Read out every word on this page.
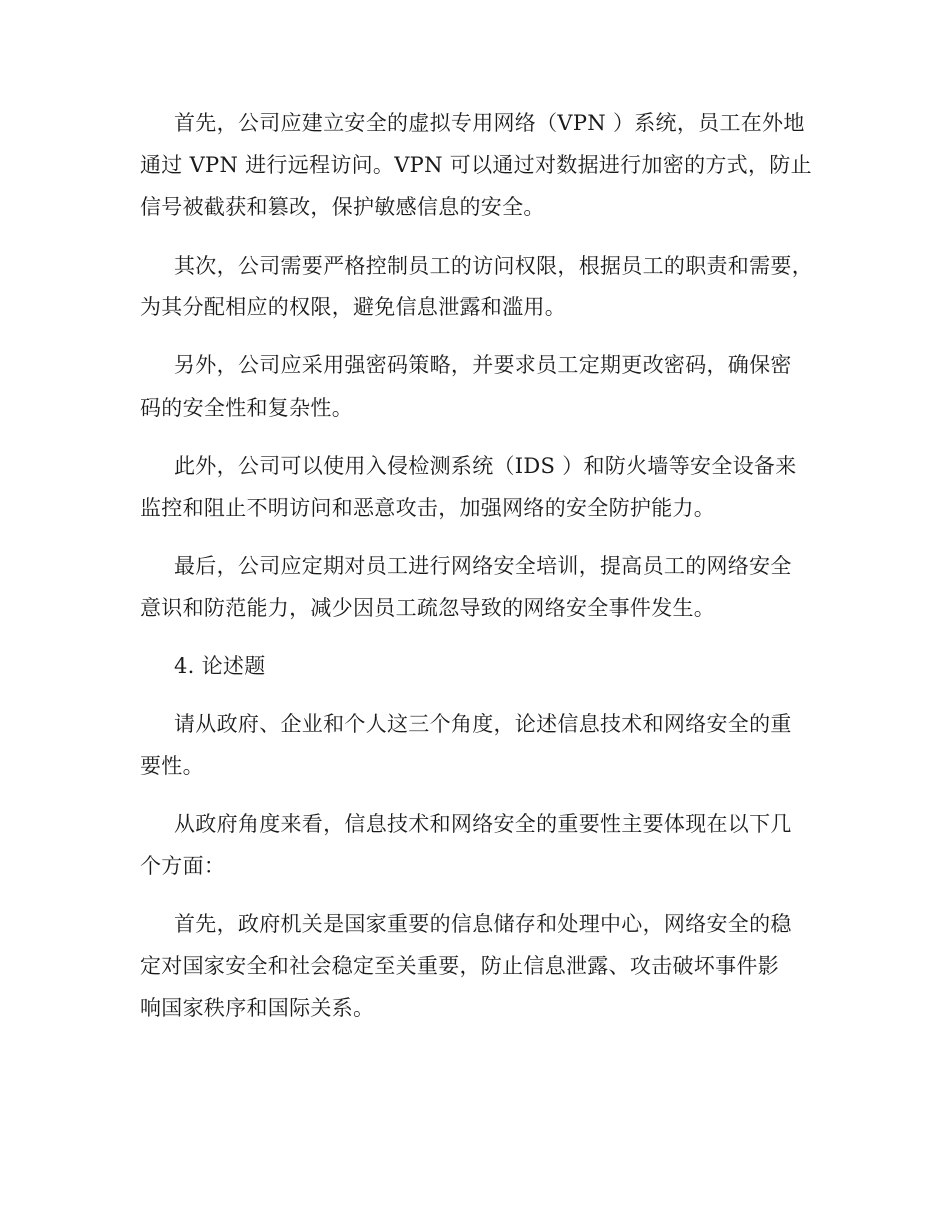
首先，公司应建立安全的虚拟专用网络（VPN ）系统，员工在外地
通过 VPN 进行远程访问。VPN 可以通过对数据进行加密的方式，防止
信号被截获和篡改，保护敏感信息的安全。
其次，公司需要严格控制员工的访问权限，根据员工的职责和需要，
为其分配相应的权限，避免信息泄露和滥用。
另外，公司应采用强密码策略，并要求员工定期更改密码，确保密
码的安全性和复杂性。
此外，公司可以使用入侵检测系统（IDS ）和防火墙等安全设备来
监控和阻止不明访问和恶意攻击，加强网络的安全防护能力。
最后，公司应定期对员工进行网络安全培训，提高员工的网络安全
意识和防范能力，减少因员工疏忽导致的网络安全事件发生。
4. 论述题
请从政府、企业和个人这三个角度，论述信息技术和网络安全的重
要性。
从政府角度来看，信息技术和网络安全的重要性主要体现在以下几
个方面：
首先，政府机关是国家重要的信息储存和处理中心，网络安全的稳
定对国家安全和社会稳定至关重要，防止信息泄露、攻击破坏事件影
响国家秩序和国际关系。
